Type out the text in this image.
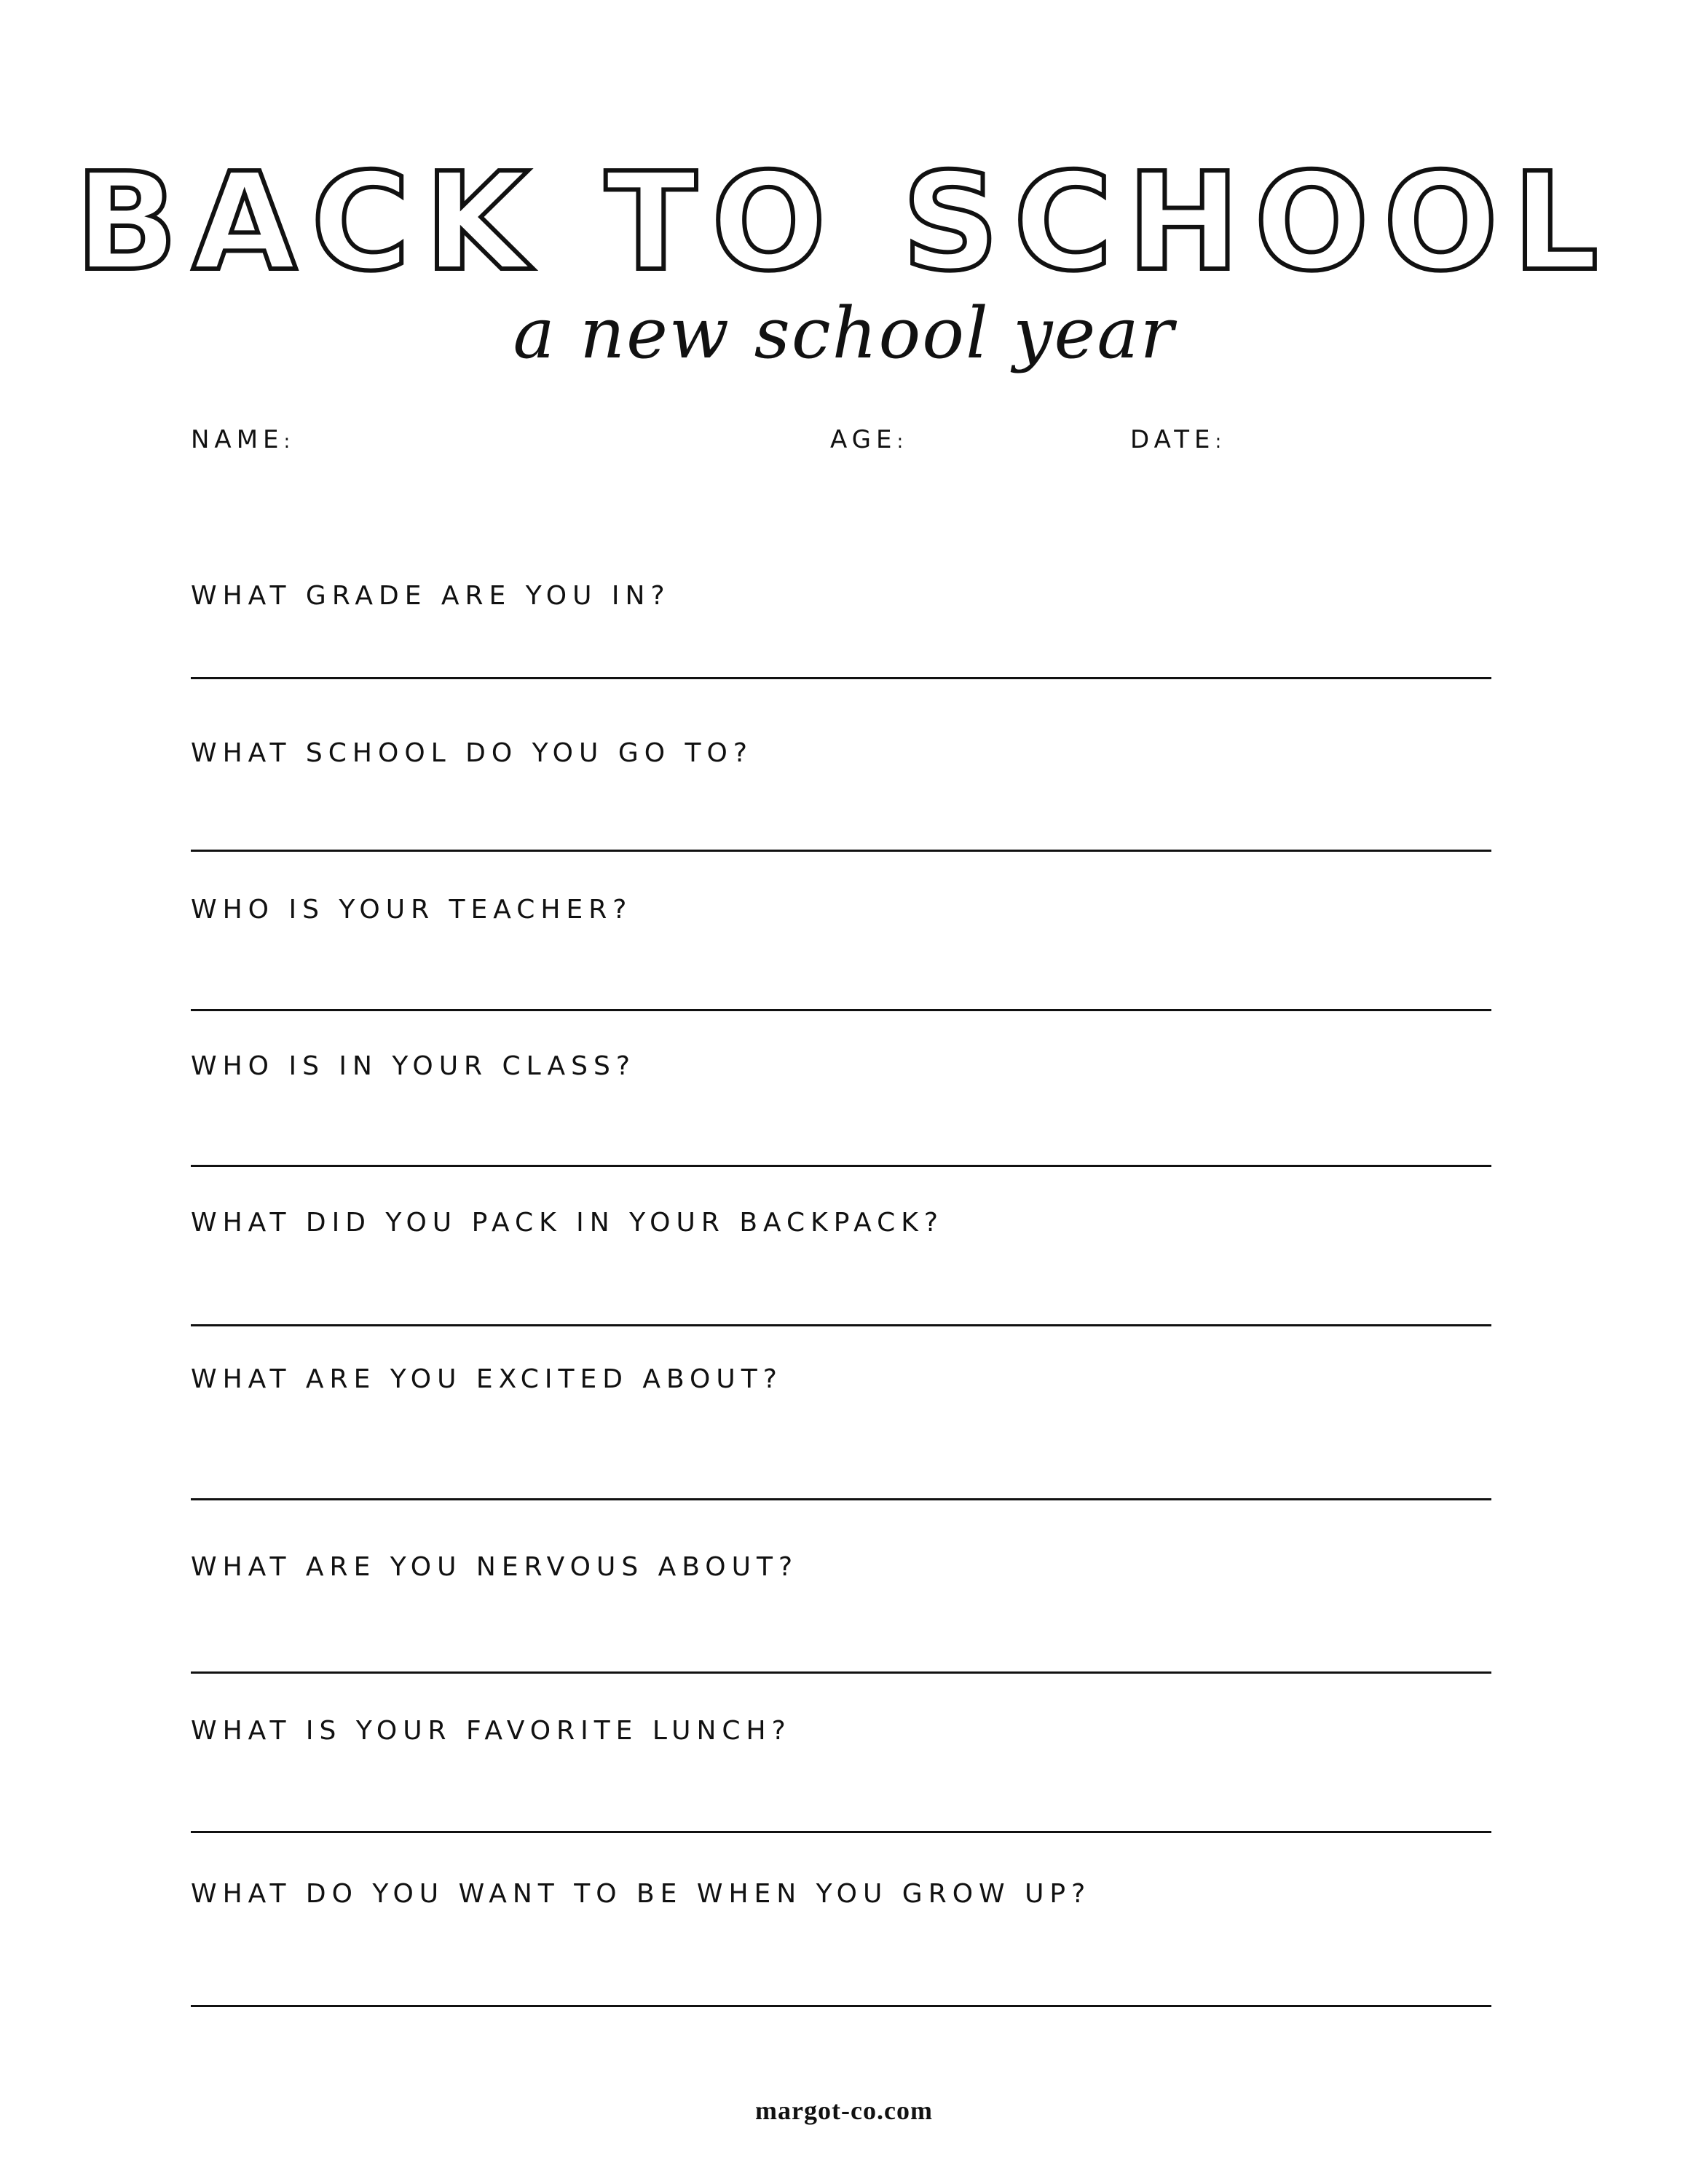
BACK TO SCHOOL
a new school year
NAME:	AGE:	DATE:
WHAT GRADE ARE YOU IN?
WHAT SCHOOL DO YOU GO TO?
WHO IS YOUR TEACHER?
WHO IS IN YOUR CLASS?
WHAT DID YOU PACK IN YOUR BACKPACK?
WHAT ARE YOU EXCITED ABOUT?
WHAT ARE YOU NERVOUS ABOUT?
WHAT IS YOUR FAVORITE LUNCH?
WHAT DO YOU WANT TO BE WHEN YOU GROW UP?
margot-co.com
